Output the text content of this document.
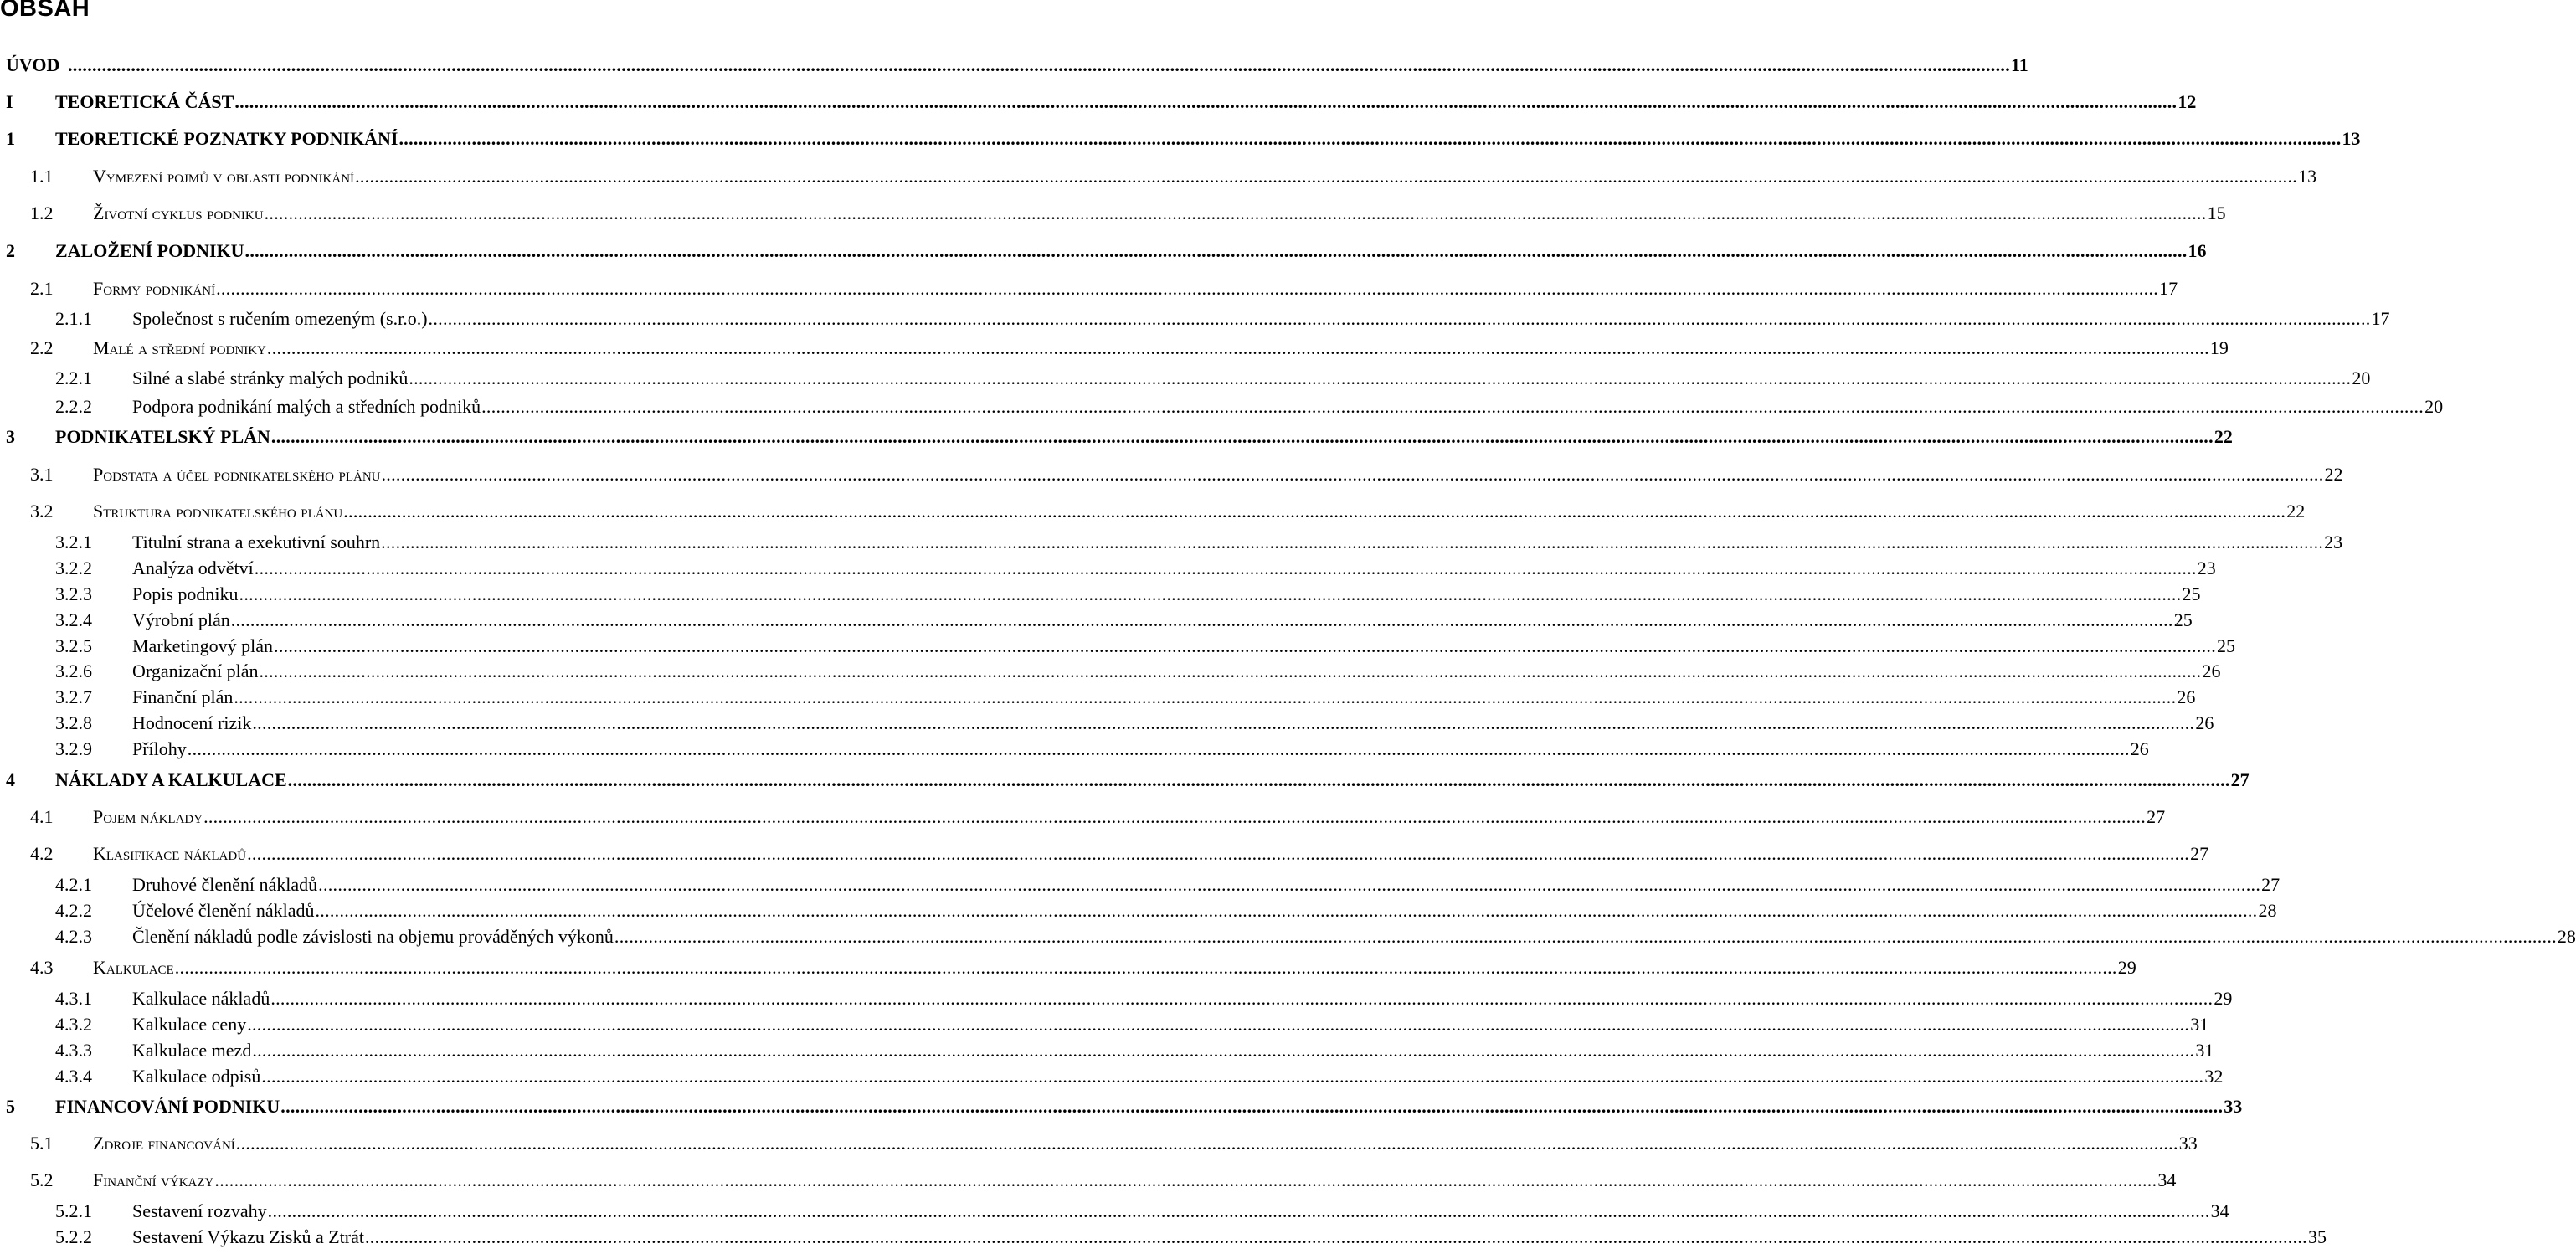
OBSAH
ÚVOD ................................................................................................................................................................................................................................................................................................................................................................................................................ 11
I TEORETICKÁ ČÁST ................................................................................................................................................................................................................................................................................................................................................................................................................ 12
1 TEORETICKÉ POZNATKY PODNIKÁNÍ ................................................................................................................................................................................................................................................................................................................................................................................................................ 13
1.1 Vymezení pojmů v oblasti podnikání ................................................................................................................................................................................................................................................................................................................................................................................................................ 13
1.2 Životní cyklus podniku ................................................................................................................................................................................................................................................................................................................................................................................................................ 15
2 ZALOŽENÍ PODNIKU ................................................................................................................................................................................................................................................................................................................................................................................................................ 16
2.1 Formy podnikání ................................................................................................................................................................................................................................................................................................................................................................................................................ 17
2.1.1 Společnost s ručením omezeným (s.r.o.) ................................................................................................................................................................................................................................................................................................................................................................................................................ 17
2.2 Malé a střední podniky ................................................................................................................................................................................................................................................................................................................................................................................................................ 19
2.2.1 Silné a slabé stránky malých podniků ................................................................................................................................................................................................................................................................................................................................................................................................................ 20
2.2.2 Podpora podnikání malých a středních podniků ................................................................................................................................................................................................................................................................................................................................................................................................................ 20
3 PODNIKATELSKÝ PLÁN ................................................................................................................................................................................................................................................................................................................................................................................................................ 22
3.1 Podstata a účel podnikatelského plánu ................................................................................................................................................................................................................................................................................................................................................................................................................ 22
3.2 Struktura podnikatelského plánu ................................................................................................................................................................................................................................................................................................................................................................................................................ 22
3.2.1 Titulní strana a exekutivní souhrn ................................................................................................................................................................................................................................................................................................................................................................................................................ 23
3.2.2 Analýza odvětví ................................................................................................................................................................................................................................................................................................................................................................................................................ 23
3.2.3 Popis podniku ................................................................................................................................................................................................................................................................................................................................................................................................................ 25
3.2.4 Výrobní plán ................................................................................................................................................................................................................................................................................................................................................................................................................ 25
3.2.5 Marketingový plán ................................................................................................................................................................................................................................................................................................................................................................................................................ 25
3.2.6 Organizační plán ................................................................................................................................................................................................................................................................................................................................................................................................................ 26
3.2.7 Finanční plán ................................................................................................................................................................................................................................................................................................................................................................................................................ 26
3.2.8 Hodnocení rizik ................................................................................................................................................................................................................................................................................................................................................................................................................ 26
3.2.9 Přílohy ................................................................................................................................................................................................................................................................................................................................................................................................................ 26
4 NÁKLADY A KALKULACE ................................................................................................................................................................................................................................................................................................................................................................................................................ 27
4.1 Pojem náklady ................................................................................................................................................................................................................................................................................................................................................................................................................ 27
4.2 Klasifikace nákladů ................................................................................................................................................................................................................................................................................................................................................................................................................ 27
4.2.1 Druhové členění nákladů ................................................................................................................................................................................................................................................................................................................................................................................................................ 27
4.2.2 Účelové členění nákladů ................................................................................................................................................................................................................................................................................................................................................................................................................ 28
4.2.3 Členění nákladů podle závislosti na objemu prováděných výkonů ................................................................................................................................................................................................................................................................................................................................................................................................................ 28
4.3 Kalkulace ................................................................................................................................................................................................................................................................................................................................................................................................................ 29
4.3.1 Kalkulace nákladů ................................................................................................................................................................................................................................................................................................................................................................................................................ 29
4.3.2 Kalkulace ceny ................................................................................................................................................................................................................................................................................................................................................................................................................ 31
4.3.3 Kalkulace mezd ................................................................................................................................................................................................................................................................................................................................................................................................................ 31
4.3.4 Kalkulace odpisů ................................................................................................................................................................................................................................................................................................................................................................................................................ 32
5 FINANCOVÁNÍ PODNIKU ................................................................................................................................................................................................................................................................................................................................................................................................................ 33
5.1 Zdroje financování ................................................................................................................................................................................................................................................................................................................................................................................................................ 33
5.2 Finanční výkazy ................................................................................................................................................................................................................................................................................................................................................................................................................ 34
5.2.1 Sestavení rozvahy ................................................................................................................................................................................................................................................................................................................................................................................................................ 34
5.2.2 Sestavení Výkazu Zisků a Ztrát ................................................................................................................................................................................................................................................................................................................................................................................................................ 35
